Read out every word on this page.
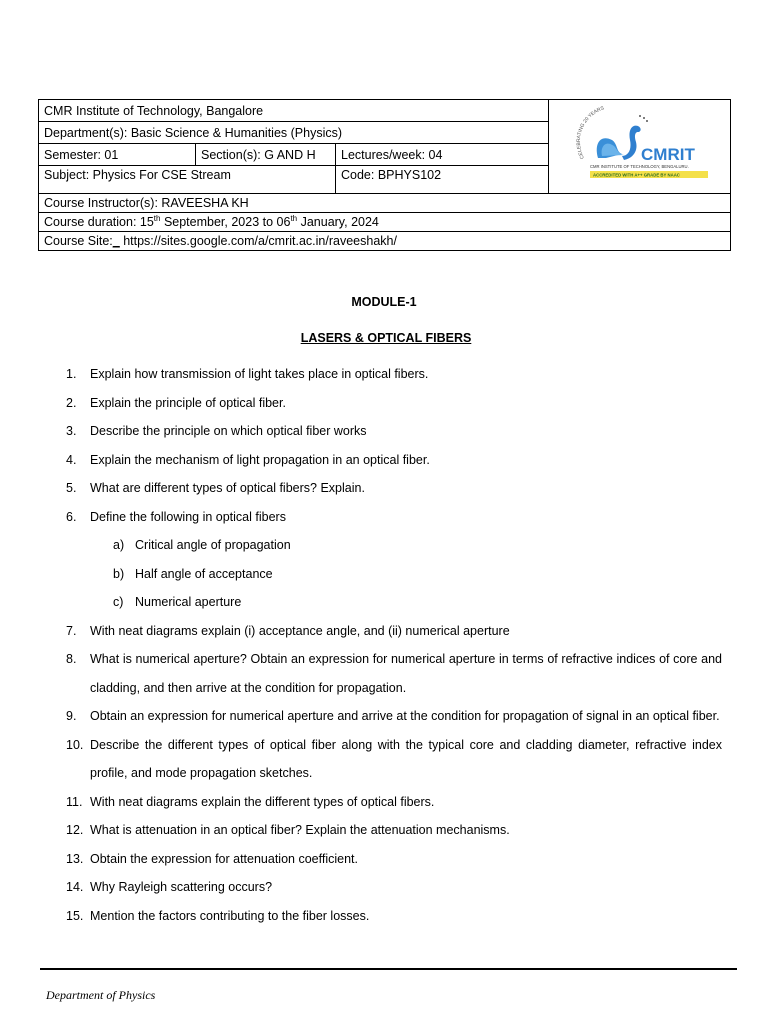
CMR Institute of Technology, Bangalore			CELEBRATING 20 YEARS
CMRIT
CMR INSTITUTE OF TECHNOLOGY, BENGALURU.
ACCREDITED WITH A++ GRADE BY NAAC

Department(s): Basic Science & Humanities (Physics)			
Semester: 01	Section(s): G AND H	Lectures/week: 04	
Subject: Physics For CSE Stream		Code: BPHYS102	
Course Instructor(s): RAVEESHA KH			
Course duration: 15th September, 2023 to 06th January, 2024			
Course Site:_ https://sites.google.com/a/cmrit.ac.in/raveeshakh/			
MODULE-1
LASERS & OPTICAL FIBERS
1. Explain how transmission of light takes place in optical fibers.
2. Explain the principle of optical fiber.
3. Describe the principle on which optical fiber works
4. Explain the mechanism of light propagation in an optical fiber.
5. What are different types of optical fibers? Explain.
6. Define the following in optical fibers
a) Critical angle of propagation
b) Half angle of acceptance
c) Numerical aperture
7. With neat diagrams explain (i) acceptance angle, and (ii) numerical aperture
8. What is numerical aperture? Obtain an expression for numerical aperture in terms of refractive indices of core and cladding, and then arrive at the condition for propagation.
9. Obtain an expression for numerical aperture and arrive at the condition for propagation of signal in an optical fiber.
10. Describe the different types of optical fiber along with the typical core and cladding diameter, refractive index profile, and mode propagation sketches.
11. With neat diagrams explain the different types of optical fibers.
12. What is attenuation in an optical fiber? Explain the attenuation mechanisms.
13. Obtain the expression for attenuation coefficient.
14. Why Rayleigh scattering occurs?
15. Mention the factors contributing to the fiber losses.
Department of Physics
